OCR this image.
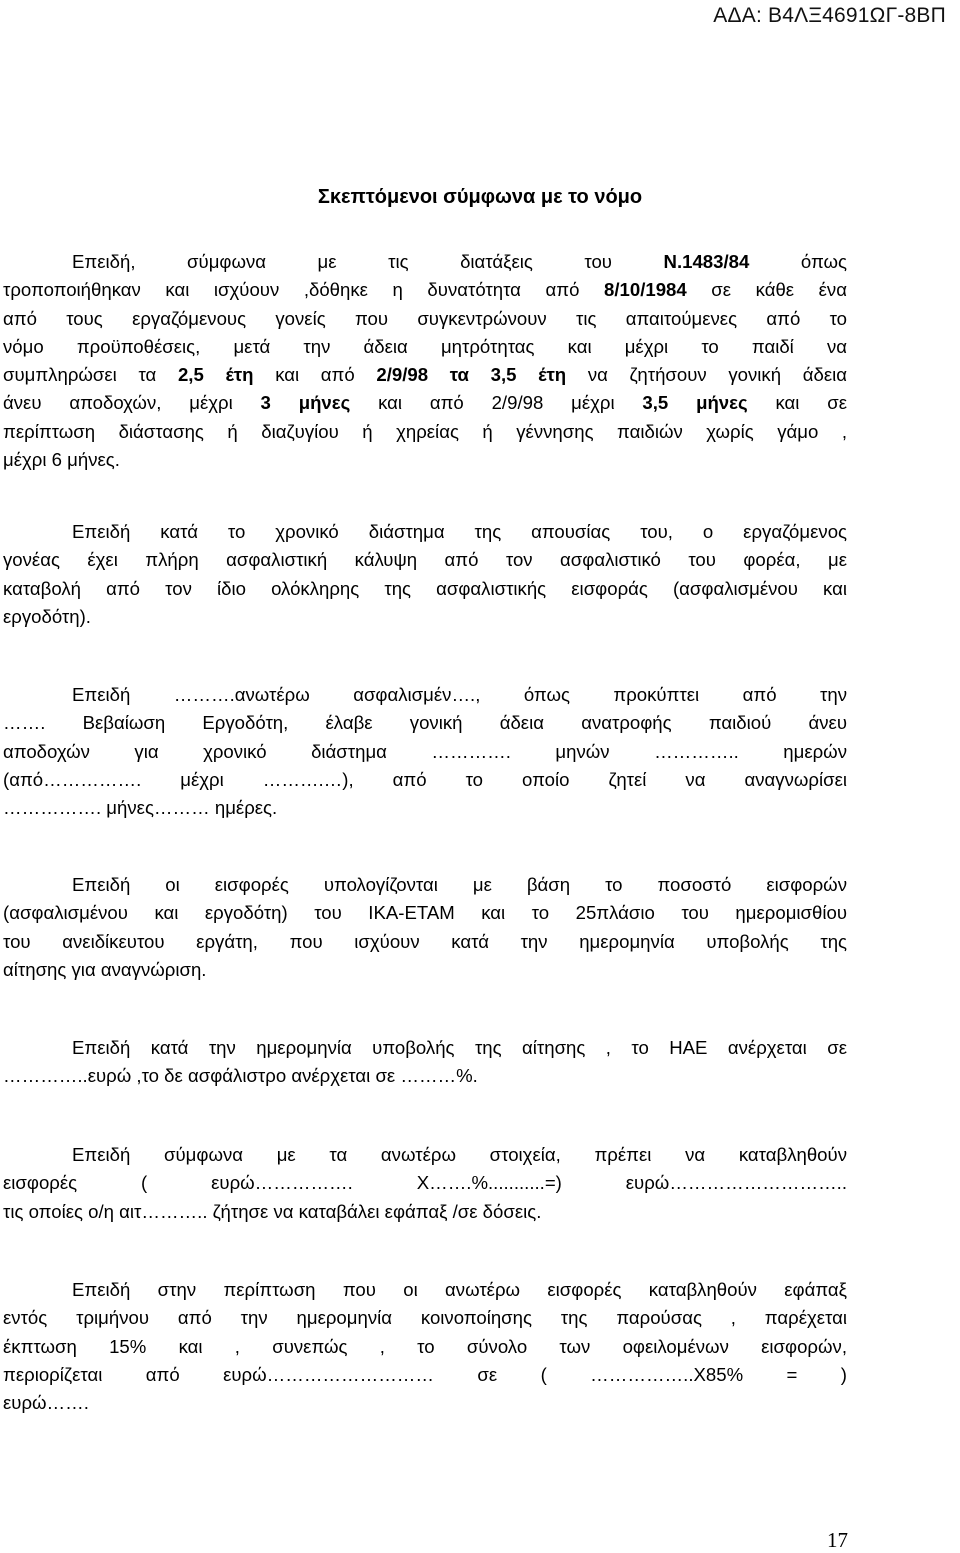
ΑΔΑ: Β4ΛΞ4691ΩΓ-8ΒΠ
Σκεπτόμενοι σύμφωνα με το νόμο
Επειδή,   σύμφωνα   με   τις   διατάξεις   του   Ν.1483/84   όπως
τροποποιήθηκαν και ισχύουν ,δόθηκε η δυνατότητα από 8/10/1984 σε κάθε ένα
από τους εργαζόμενους γονείς που συγκεντρώνουν τις απαιτούμενες από το
νόμο προϋποθέσεις, μετά την άδεια μητρότητας και μέχρι το παιδί να
συμπληρώσει τα 2,5 έτη και από 2/9/98 τα 3,5 έτη να ζητήσουν γονική άδεια
άνευ αποδοχών, μέχρι 3 μήνες και από 2/9/98 μέχρι 3,5 μήνες και σε
περίπτωση διάστασης ή διαζυγίου ή χηρείας ή γέννησης παιδιών χωρίς γάμο ,
μέχρι 6 μήνες.
Επειδή κατά το χρονικό διάστημα της απουσίας του, ο εργαζόμενος
γονέας έχει πλήρη ασφαλιστική κάλυψη από τον ασφαλιστικό του φορέα, με
καταβολή από τον ίδιο ολόκληρης της ασφαλιστικής εισφοράς (ασφαλισμένου και
εργοδότη).
Επειδή ……….ανωτέρω ασφαλισμέν…., όπως προκύπτει από την
……. Βεβαίωση Εργοδότη, έλαβε γονική άδεια ανατροφής παιδιού άνευ
αποδοχών για χρονικό διάστημα …………. μηνών ………….. ημερών
(από……………. μέχρι ……….…), από το οποίο ζητεί να αναγνωρίσει
……………. μήνες……… ημέρες.
Επειδή οι εισφορές υπολογίζονται με βάση το ποσοστό εισφορών
(ασφαλισμένου και εργοδότη) του ΙΚΑ-ΕΤΑΜ και το 25πλάσιο του ημερομισθίου
του ανειδίκευτου εργάτη, που ισχύουν κατά την ημερομηνία υποβολής της
αίτησης για αναγνώριση.
Επειδή κατά την ημερομηνία υποβολής της αίτησης , το ΗΑΕ ανέρχεται σε
…………..ευρώ ,το δε ασφάλιστρο ανέρχεται σε ………%.
Επειδή σύμφωνα με τα ανωτέρω στοιχεία, πρέπει να καταβληθούν
εισφορές ( ευρώ……………. Χ…….%...........=) ευρώ………………………..
τις οποίες ο/η αιτ……….. ζήτησε να καταβάλει εφάπαξ /σε δόσεις.
Επειδή στην περίπτωση που οι ανωτέρω εισφορές καταβληθούν εφάπαξ
εντός τριμήνου από την ημερομηνία κοινοποίησης της παρούσας , παρέχεται
έκπτωση 15% και , συνεπώς , το σύνολο των οφειλομένων εισφορών,
περιορίζεται από ευρώ……………………… σε ( ……………..Χ85% = )
ευρώ…….
17
